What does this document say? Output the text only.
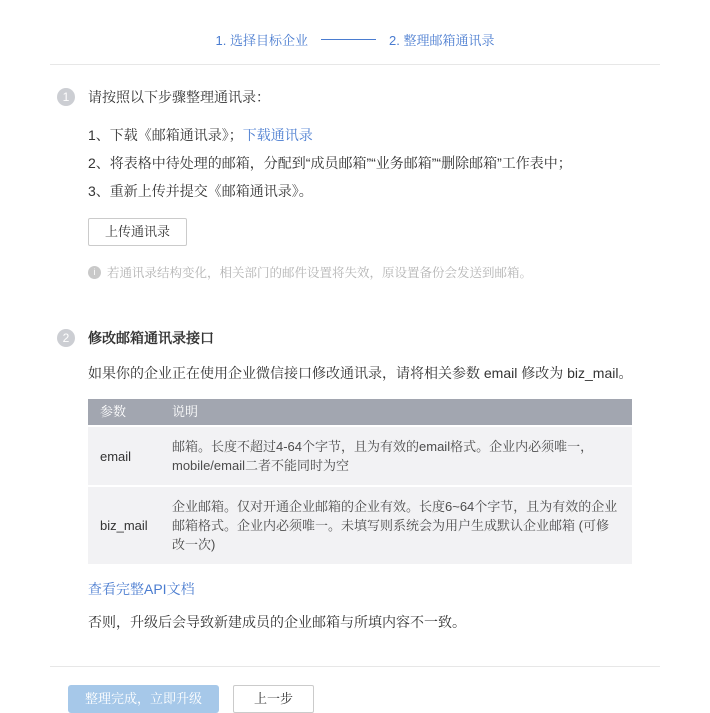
1. 选择目标企业	2. 整理邮箱通讯录
1	请按照以下步骤整理通讯录：
1、下载《邮箱通讯录》；下载通讯录
2、将表格中待处理的邮箱，分配到“成员邮箱”“业务邮箱”“删除邮箱”工作表中；
3、重新上传并提交《邮箱通讯录》。
上传通讯录
i 若通讯录结构变化，相关部门的邮件设置将失效，原设置备份会发送到邮箱。
2	修改邮箱通讯录接口
如果你的企业正在使用企业微信接口修改通讯录，请将相关参数 email 修改为 biz_mail。
参数	说明
email	邮箱。长度不超过4-64个字节，且为有效的email格式。企业内必须唯一，mobile/email二者不能同时为空
biz_mail	企业邮箱。仅对开通企业邮箱的企业有效。长度6~64个字节，且为有效的企业邮箱格式。企业内必须唯一。未填写则系统会为用户生成默认企业邮箱 (可修改一次)
查看完整API文档
否则，升级后会导致新建成员的企业邮箱与所填内容不一致。
整理完成，立即升级	上一步
